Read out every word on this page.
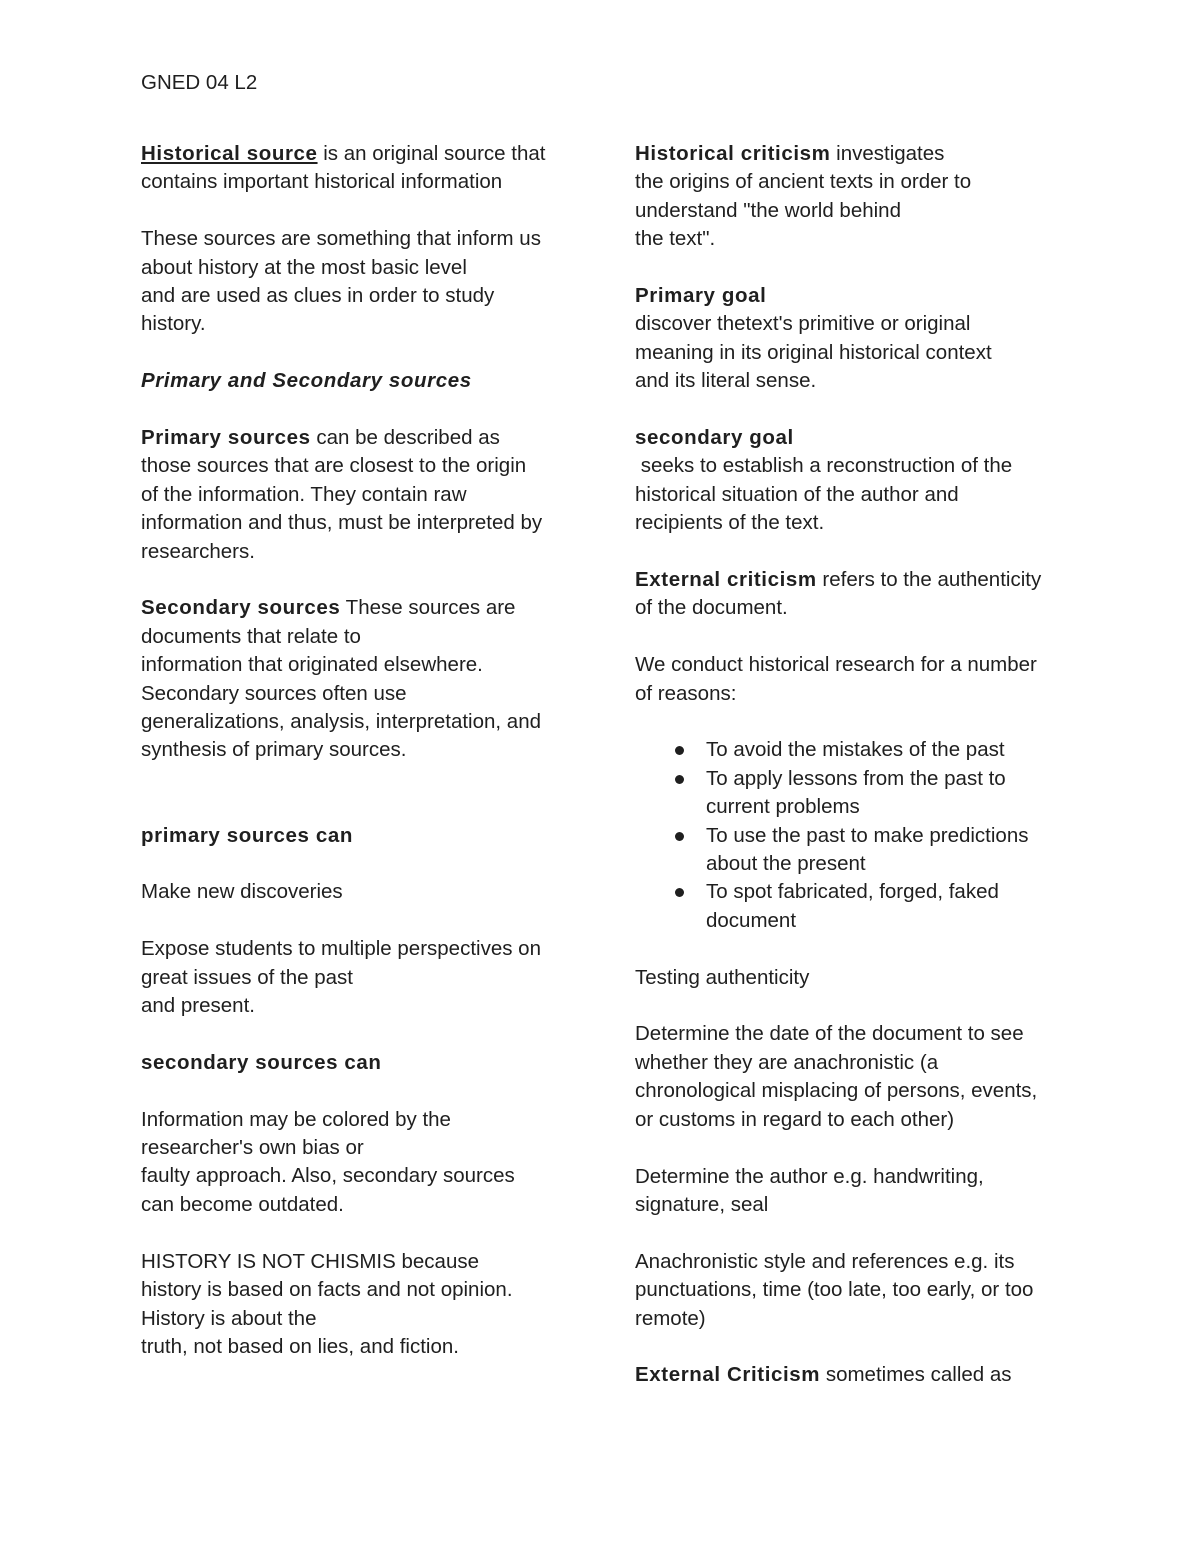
GNED 04 L2

Historical source is an original source that
contains important historical information

These sources are something that inform us
about history at the most basic level
and are used as clues in order to study
history.

Primary and Secondary sources

Primary sources can be described as
those sources that are closest to the origin
of the information. They contain raw
information and thus, must be interpreted by
researchers.

Secondary sources These sources are
documents that relate to
information that originated elsewhere.
Secondary sources often use
generalizations, analysis, interpretation, and
synthesis of primary sources.

primary sources can

Make new discoveries

Expose students to multiple perspectives on
great issues of the past
and present.

secondary sources can

Information may be colored by the
researcher's own bias or
faulty approach. Also, secondary sources
can become outdated.

HISTORY IS NOT CHISMIS because
history is based on facts and not opinion.
History is about the
truth, not based on lies, and fiction.

Historical criticism investigates
the origins of ancient texts in order to
understand "the world behind
the text".

Primary goal
discover thetext's primitive or original
meaning in its original historical context
and its literal sense.

secondary goal
seeks to establish a reconstruction of the
historical situation of the author and
recipients of the text.

External criticism refers to the authenticity
of the document.

We conduct historical research for a number
of reasons:

To avoid the mistakes of the past
To apply lessons from the past to
current problems
To use the past to make predictions
about the present
To spot fabricated, forged, faked
document

Testing authenticity

Determine the date of the document to see
whether they are anachronistic (a
chronological misplacing of persons, events,
or customs in regard to each other)

Determine the author e.g. handwriting,
signature, seal

Anachronistic style and references e.g. its
punctuations, time (too late, too early, or too
remote)

External Criticism sometimes called as
